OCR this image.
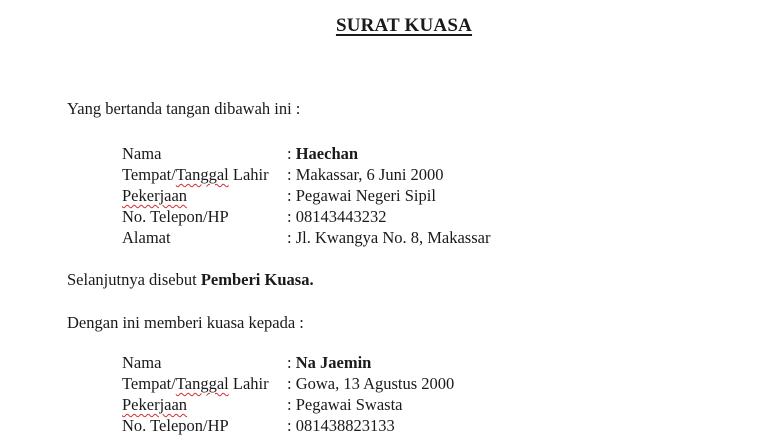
SURAT KUASA
Yang bertanda tangan dibawah ini :
Nama	: Haechan
Tempat/Tanggal Lahir	: Makassar, 6 Juni 2000
Pekerjaan	: Pegawai Negeri Sipil
No. Telepon/HP	: 08143443232
Alamat	: Jl. Kwangya No. 8, Makassar
Selanjutnya disebut Pemberi Kuasa.
Dengan ini memberi kuasa kepada :
Nama	: Na Jaemin
Tempat/Tanggal Lahir	: Gowa, 13 Agustus 2000
Pekerjaan	: Pegawai Swasta
No. Telepon/HP	: 081438823133
